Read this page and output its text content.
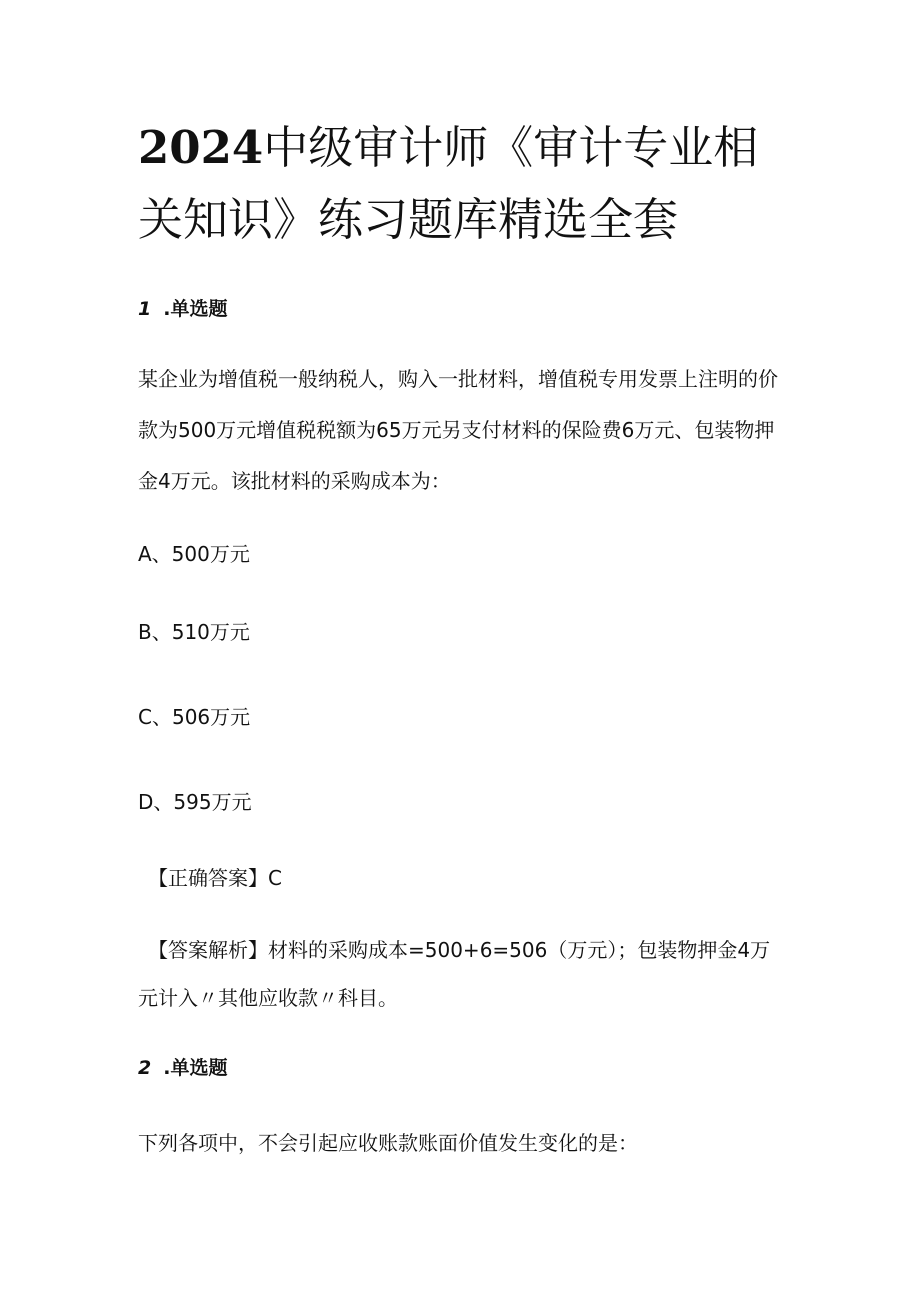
2024中级审计师《审计专业相关知识》练习题库精选全套
1 .单选题

某企业为增值税一般纳税人，购入一批材料，增值税专用发票上注明的价款为500万元增值税税额为65万元另支付材料的保险费6万元、包装物押金4万元。该批材料的采购成本为：

A、500万元
B、510万元
C、506万元
D、595万元
【正确答案】C

【答案解析】材料的采购成本=500+6=506（万元）；包装物押金4万元计入〃其他应收款〃科目。

2 .单选题

下列各项中，不会引起应收账款账面价值发生变化的是：
